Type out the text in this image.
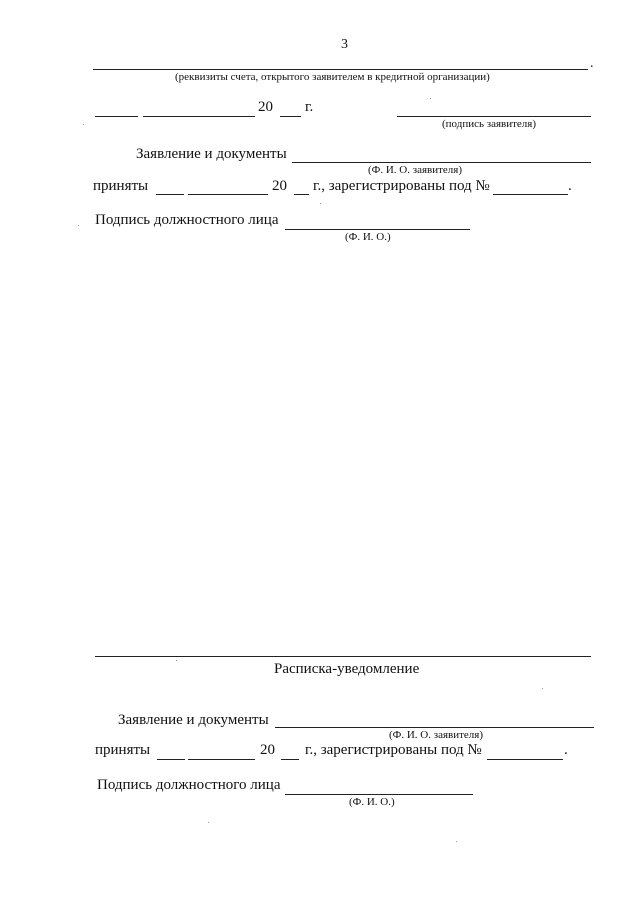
3
.
(реквизиты счета, открытого заявителем в кредитной организации)
20 г.
(подпись заявителя)
Заявление и документы
(Ф. И. О. заявителя)
приняты	20 г., зарегистрированы под №	.
Подпись должностного лица
(Ф. И. О.)
Расписка-уведомление
Заявление и документы
(Ф. И. О. заявителя)
приняты	20 г., зарегистрированы под №	.
Подпись должностного лица
(Ф. И. О.)
